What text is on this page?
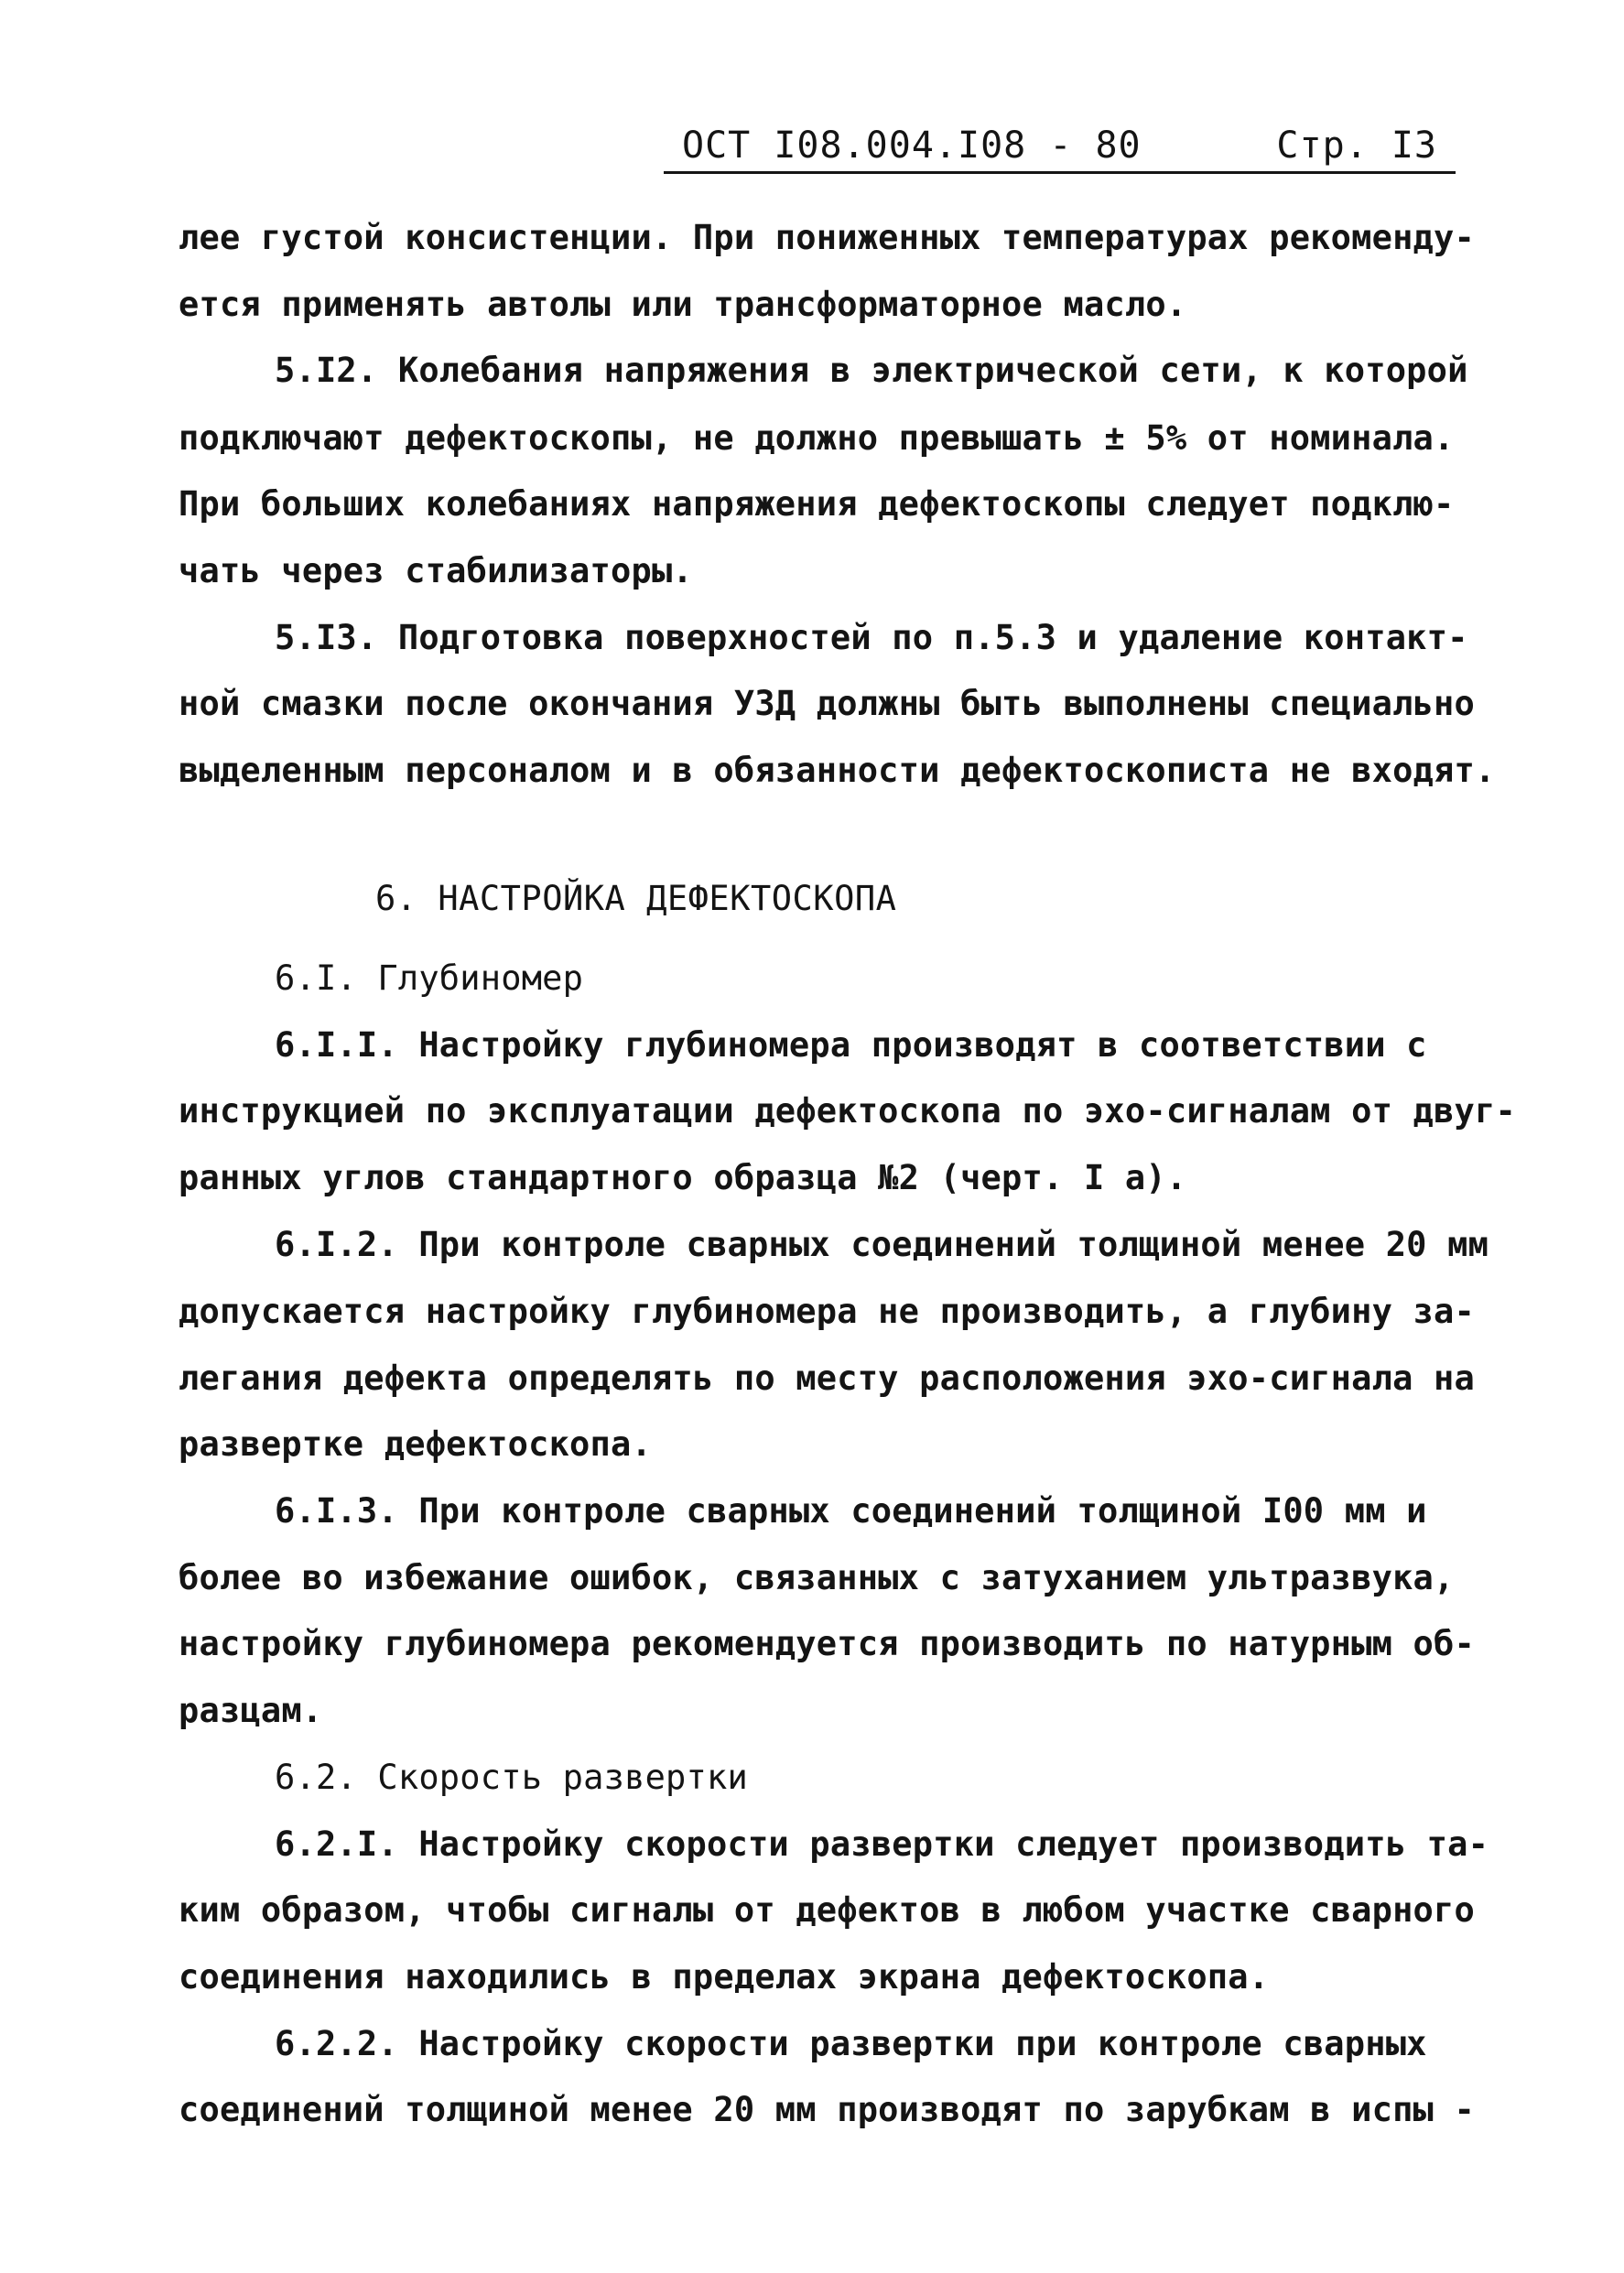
ОСТ I08.004.I08 - 80	Стр. I3
лее густой консистенции. При пониженных температурах рекоменду-
ется применять автолы или трансформаторное масло.
5.I2. Колебания напряжения в электрической сети, к которой
подключают дефектоскопы, не должно превышать ± 5% от номинала.
При больших колебаниях напряжения дефектоскопы следует подклю-
чать через стабилизаторы.
5.I3. Подготовка поверхностей по п.5.3 и удаление контакт-
ной смазки после окончания УЗД должны быть выполнены специально
выделенным персоналом и в обязанности дефектоскописта не входят.
6. НАСТРОЙКА ДЕФЕКТОСКОПА
6.I. Глубиномер
6.I.I. Настройку глубиномера производят в соответствии с
инструкцией по эксплуатации дефектоскопа по эхо-сигналам от двуг-
ранных углов стандартного образца №2 (черт. I а).
6.I.2. При контроле сварных соединений толщиной менее 20 мм
допускается настройку глубиномера не производить, а глубину за-
легания дефекта определять по месту расположения эхо-сигнала на
развертке дефектоскопа.
6.I.3. При контроле сварных соединений толщиной I00 мм и
более во избежание ошибок, связанных с затуханием ультразвука,
настройку глубиномера рекомендуется производить по натурным об-
разцам.
6.2. Скорость развертки
6.2.I. Настройку скорости развертки следует производить та-
ким образом, чтобы сигналы от дефектов в любом участке сварного
соединения находились в пределах экрана дефектоскопа.
6.2.2. Настройку скорости развертки при контроле сварных
соединений толщиной менее 20 мм производят по зарубкам в испы -
